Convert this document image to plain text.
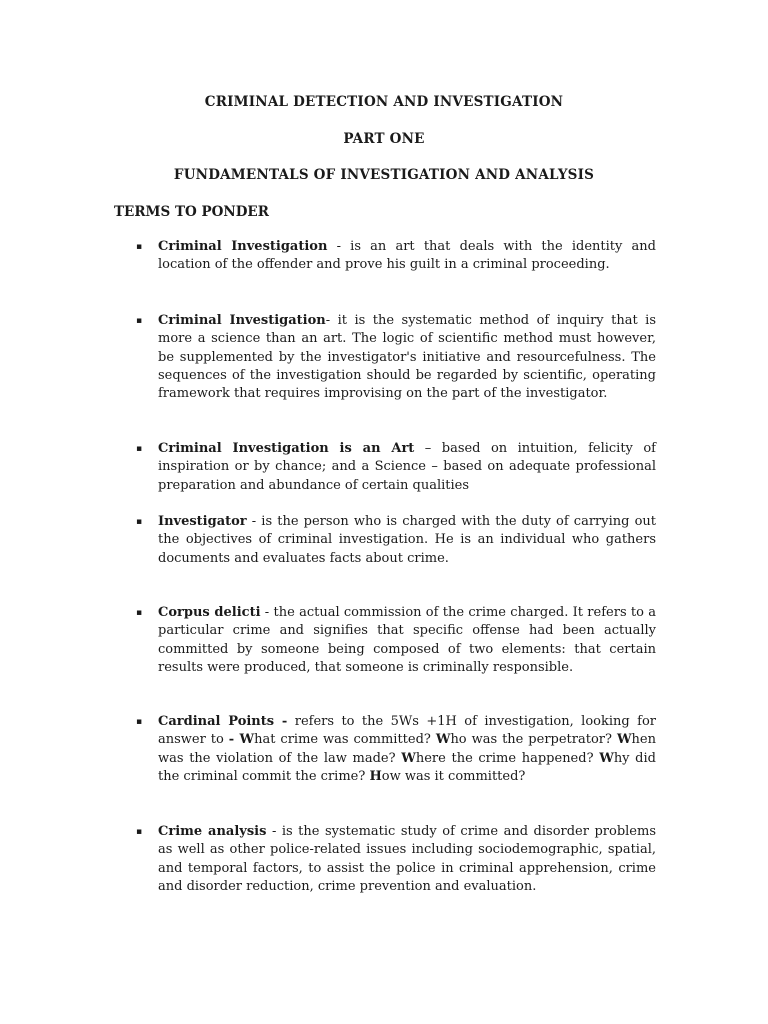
CRIMINAL DETECTION AND INVESTIGATION
PART ONE
FUNDAMENTALS OF INVESTIGATION AND ANALYSIS
TERMS TO PONDER
▪ Criminal Investigation - is an art that deals with the identity and location of the offender and prove his guilt in a criminal proceeding.
▪ Criminal Investigation- it is the systematic method of inquiry that is more a science than an art. The logic of scientific method must however, be supplemented by the investigator's initiative and resourcefulness. The sequences of the investigation should be regarded by scientific, operating framework that requires improvising on the part of the investigator.
▪ Criminal Investigation is an Art – based on intuition, felicity of inspiration or by chance; and a Science – based on adequate professional preparation and abundance of certain qualities
▪ Investigator - is the person who is charged with the duty of carrying out the objectives of criminal investigation. He is an individual who gathers documents and evaluates facts about crime.
▪ Corpus delicti - the actual commission of the crime charged. It refers to a particular crime and signifies that specific offense had been actually committed by someone being composed of two elements: that certain results were produced, that someone is criminally responsible.
▪ Cardinal Points - refers to the 5Ws +1H of investigation, looking for answer to - What crime was committed? Who was the perpetrator? When was the violation of the law made? Where the crime happened? Why did the criminal commit the crime? How was it committed?
▪ Crime analysis - is the systematic study of crime and disorder problems as well as other police-related issues including sociodemographic, spatial, and temporal factors, to assist the police in criminal apprehension, crime and disorder reduction, crime prevention and evaluation.
